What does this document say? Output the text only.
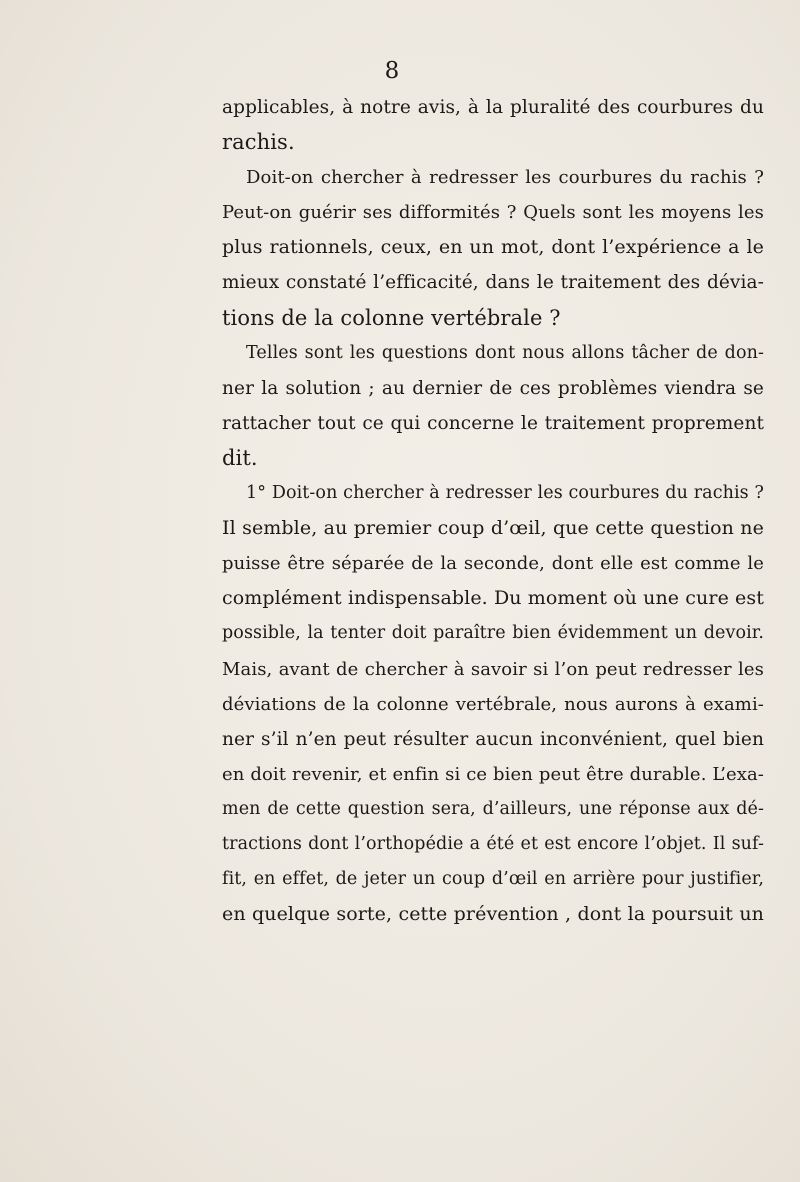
8
applicables, à notre avis, à la pluralité des courbures du
rachis.
Doit-on chercher à redresser les courbures du rachis ?
Peut-on guérir ses difformités ? Quels sont les moyens les
plus rationnels, ceux, en un mot, dont l’expérience a le
mieux constaté l’efficacité, dans le traitement des dévia-
tions de la colonne vertébrale ?
Telles sont les questions dont nous allons tâcher de don-
ner la solution ; au dernier de ces problèmes viendra se
rattacher tout ce qui concerne le traitement proprement
dit.
1° Doit-on chercher à redresser les courbures du rachis ?
Il semble, au premier coup d’œil, que cette question ne
puisse être séparée de la seconde, dont elle est comme le
complément indispensable. Du moment où une cure est
possible, la tenter doit paraître bien évidemment un devoir.
Mais, avant de chercher à savoir si l’on peut redresser les
déviations de la colonne vertébrale, nous aurons à exami-
ner s’il n’en peut résulter aucun inconvénient, quel bien
en doit revenir, et enfin si ce bien peut être durable. L’exa-
men de cette question sera, d’ailleurs, une réponse aux dé-
tractions dont l’orthopédie a été et est encore l’objet. Il suf-
fit, en effet, de jeter un coup d’œil en arrière pour justifier,
en quelque sorte, cette prévention , dont la poursuit un
